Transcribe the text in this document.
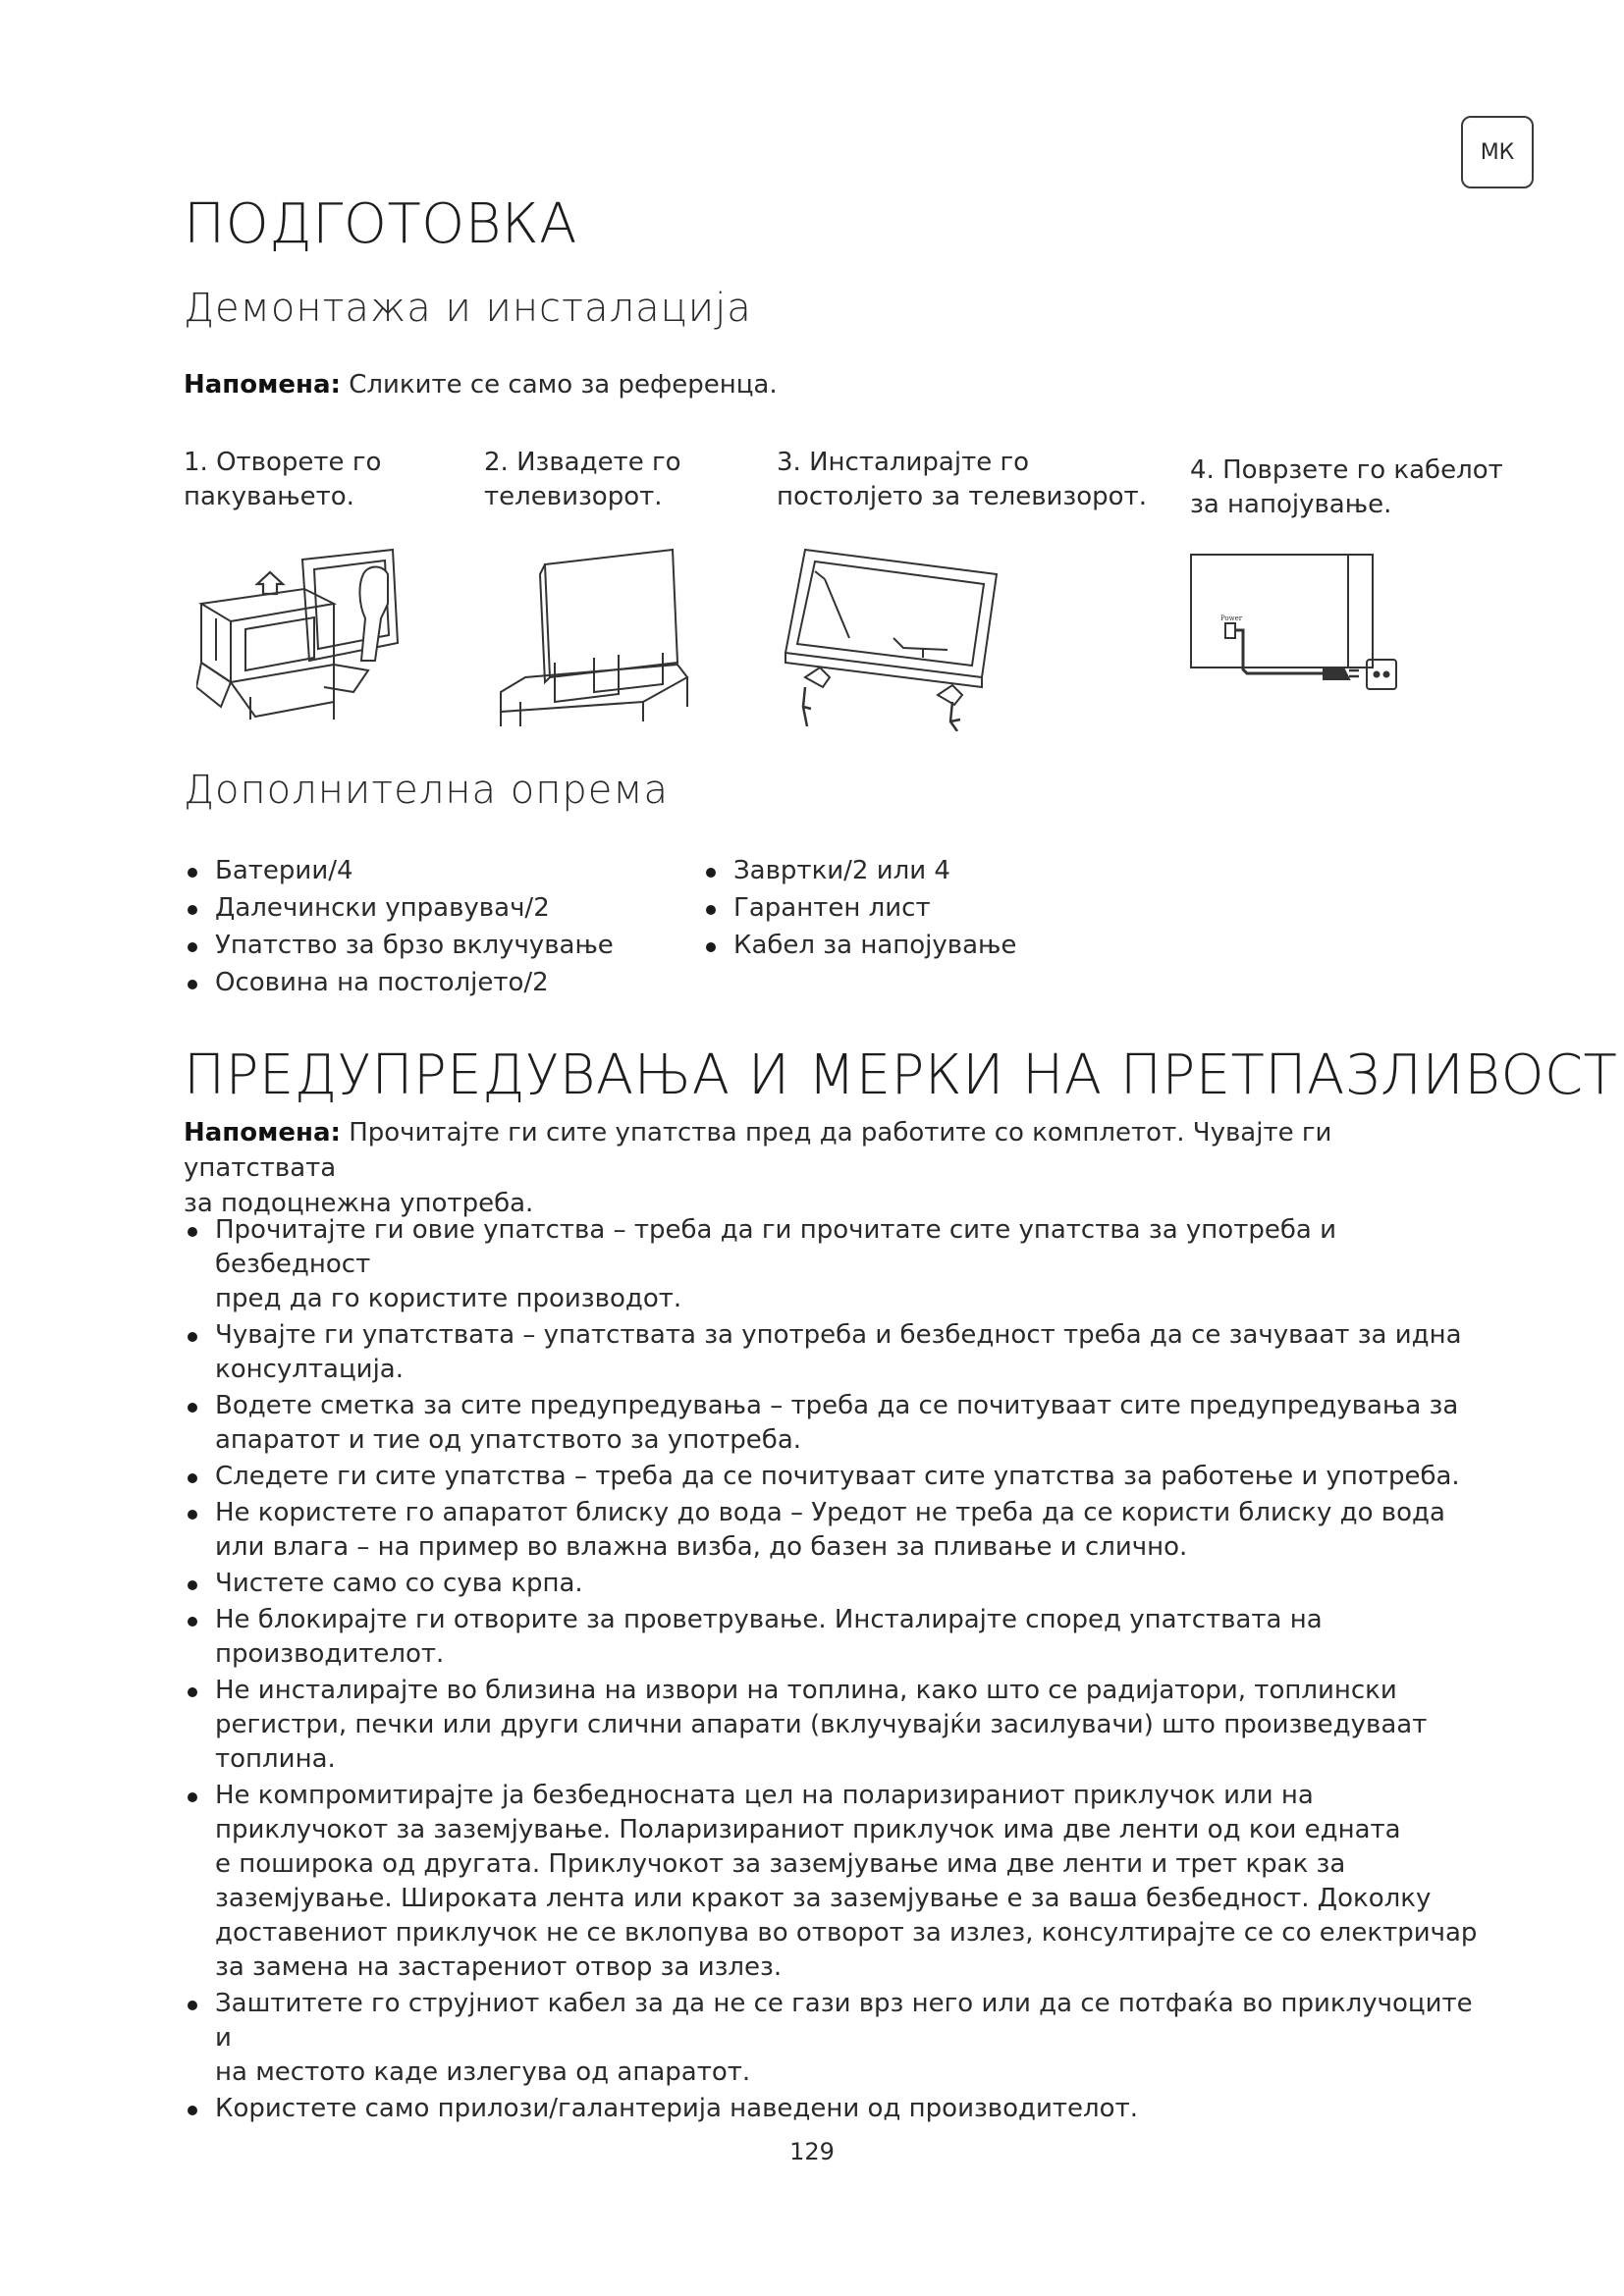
МК
ПОДГОТОВКА
Демонтажа и инсталација

Напомена: Сликите се само за референца.

1. Отворете го
пакувањето.

2. Извадете го
телевизорот.

3. Инсталирајте го
постолјето за телевизорот.

4. Поврзете го кабелот
за напојување.

Power
Дополнителна опрема
Батерии/4
Далечински управувач/2
Упатство за брзо вклучување
Осовина на постолјето/2
Завртки/2 или 4
Гарантен лист
Кабел за напојување
ПРЕДУПРЕДУВАЊА И МЕРКИ НА ПРЕТПАЗЛИВОСТ

Напомена: Прочитајте ги сите упатства пред да работите со комплетот. Чувајте ги упатствата
за подоцнежна употреба.

Прочитајте ги овие упатства – треба да ги прочитате сите упатства за употреба и безбедност
пред да го користите производот.
Чувајте ги упатствата – упатствата за употреба и безбедност треба да се зачуваат за идна
консултација.
Водете сметка за сите предупредувања – треба да се почитуваат сите предупредувања за
апаратот и тие од упатството за употреба.
Следете ги сите упатства – треба да се почитуваат сите упатства за работење и употреба.
Не користете го апаратот блиску до вода – Уредот не треба да се користи блиску до вода
или влага – на пример во влажна визба, до базен за пливање и слично.
Чистете само со сува крпа.
Не блокирајте ги отворите за проветрување. Инсталирајте според упатствата на
производителот.
Не инсталирајте во близина на извори на топлина, како што се радијатори, топлински
регистри, печки или други слични апарати (вклучувајќи засилувачи) што произведуваат
топлина.
Не компромитирајте ја безбедносната цел на поларизираниот приклучок или на
приклучокот за заземјување. Поларизираниот приклучок има две ленти од кои едната
е поширока од другата. Приклучокот за заземјување има две ленти и трет крак за
заземјување. Широката лента или кракот за заземјување е за ваша безбедност. Доколку
доставениот приклучок не се вклопува во отворот за излез, консултирајте се со електричар
за замена на застарениот отвор за излез.
Заштитете го струјниот кабел за да не се гази врз него или да се потфаќа во приклучоците и
на местото каде излегува од апаратот.
Користете само прилози/галантерија наведени од производителот.
129
